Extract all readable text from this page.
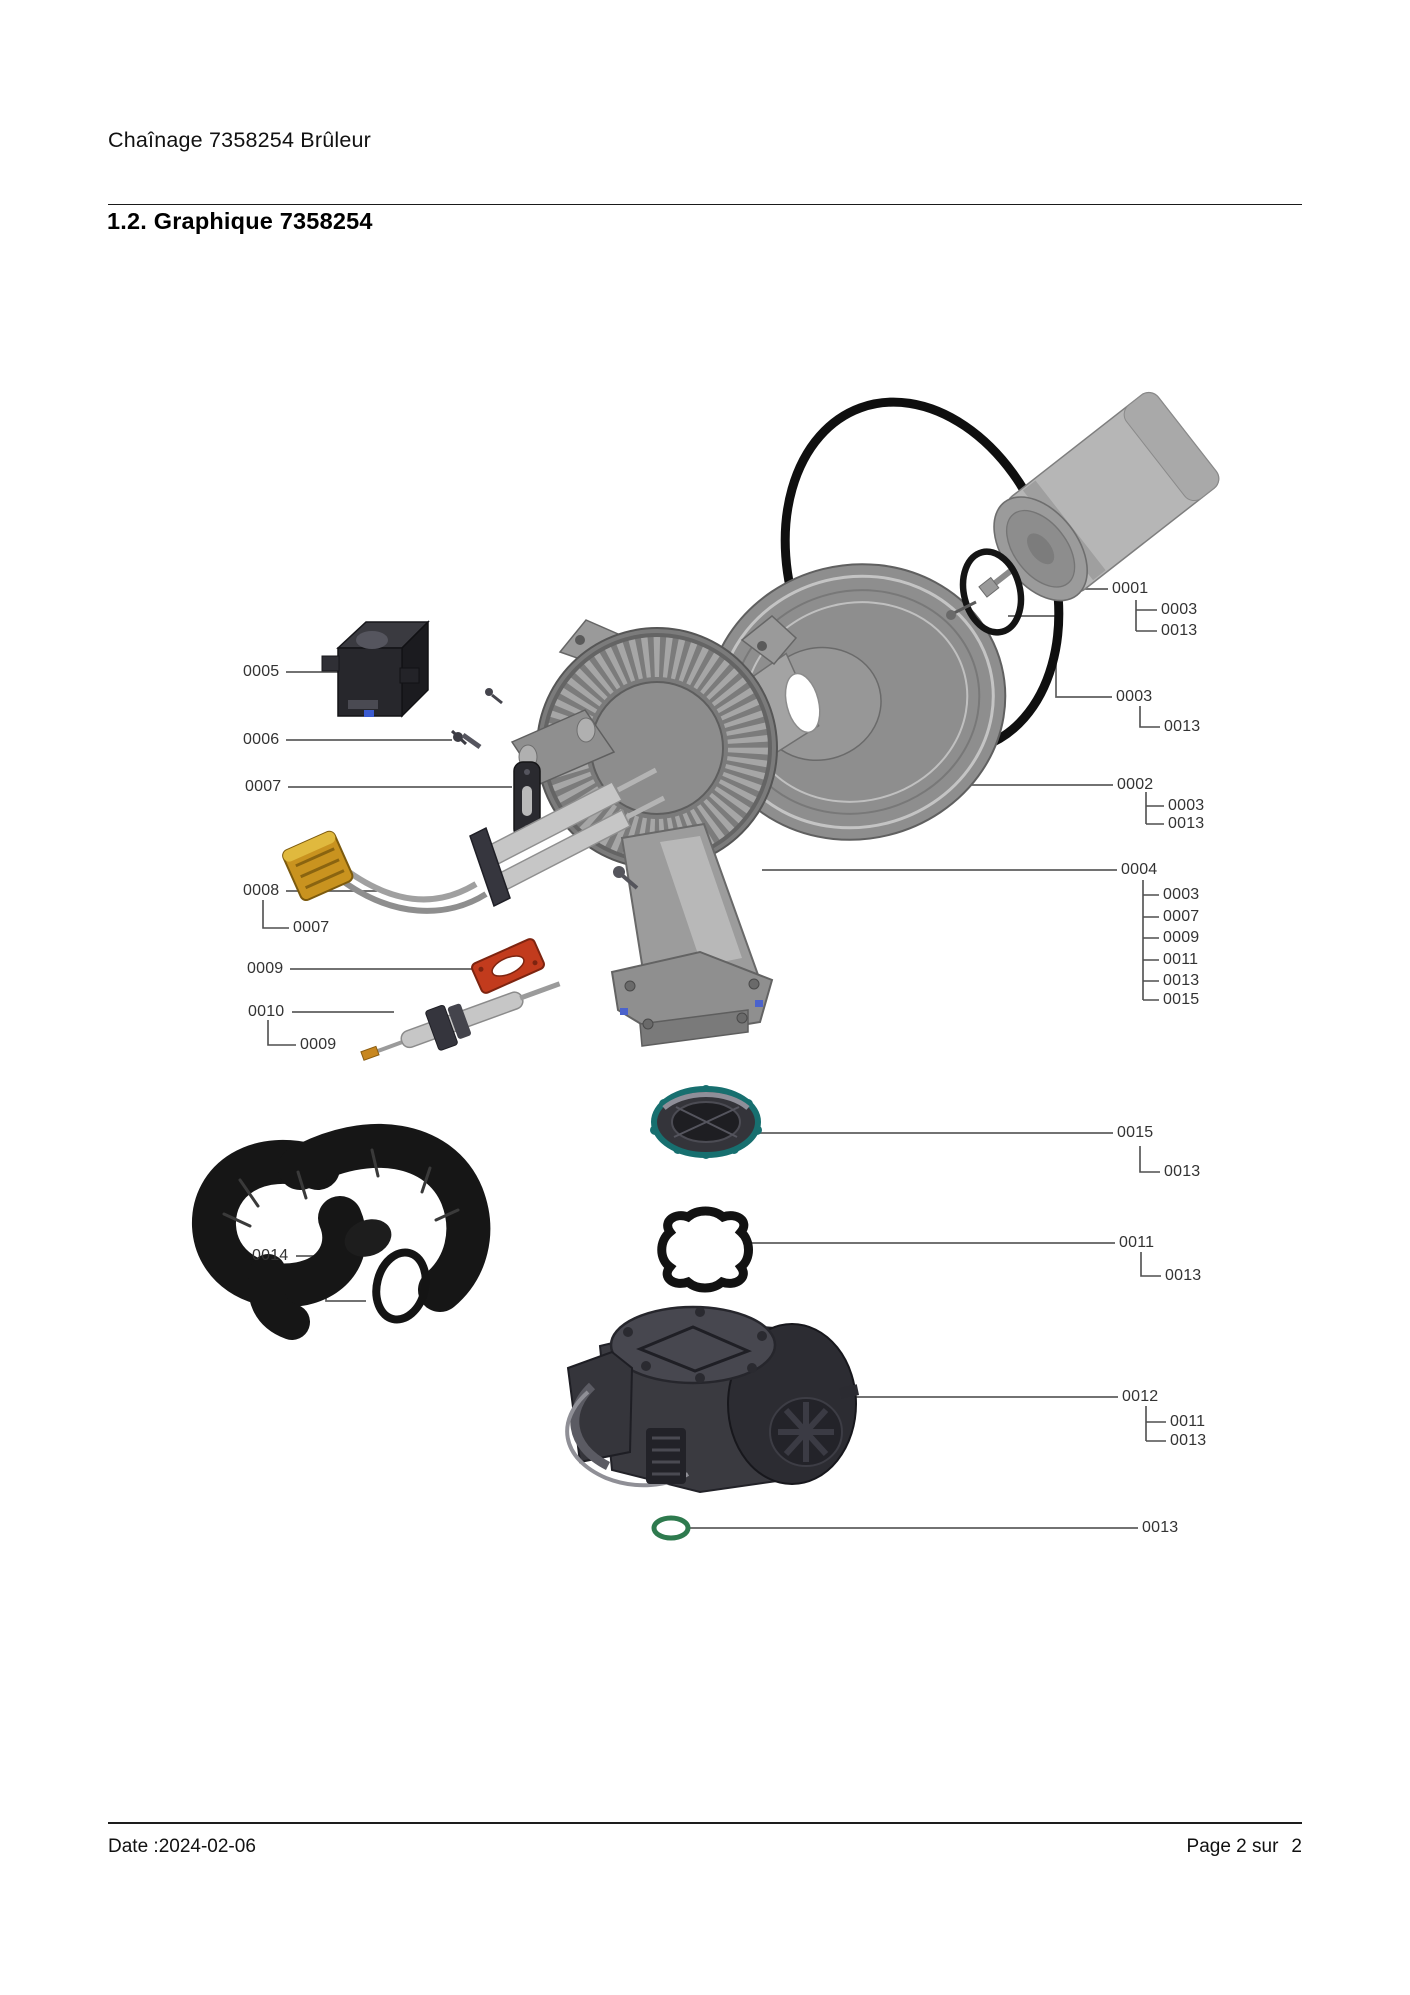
Chaînage 7358254 Brûleur
1.2. Graphique 7358254
0005
0006
0007
0008
0007
0009
0010
0009
0014
0001
0003
0013
0003
0013
0002
0003
0013
0004
0003
0007
0009
0011
0013
0015
0015
0013
0011
0013
0012
0011
0013
0013
Date :2024-02-06	Page 2 sur 2
